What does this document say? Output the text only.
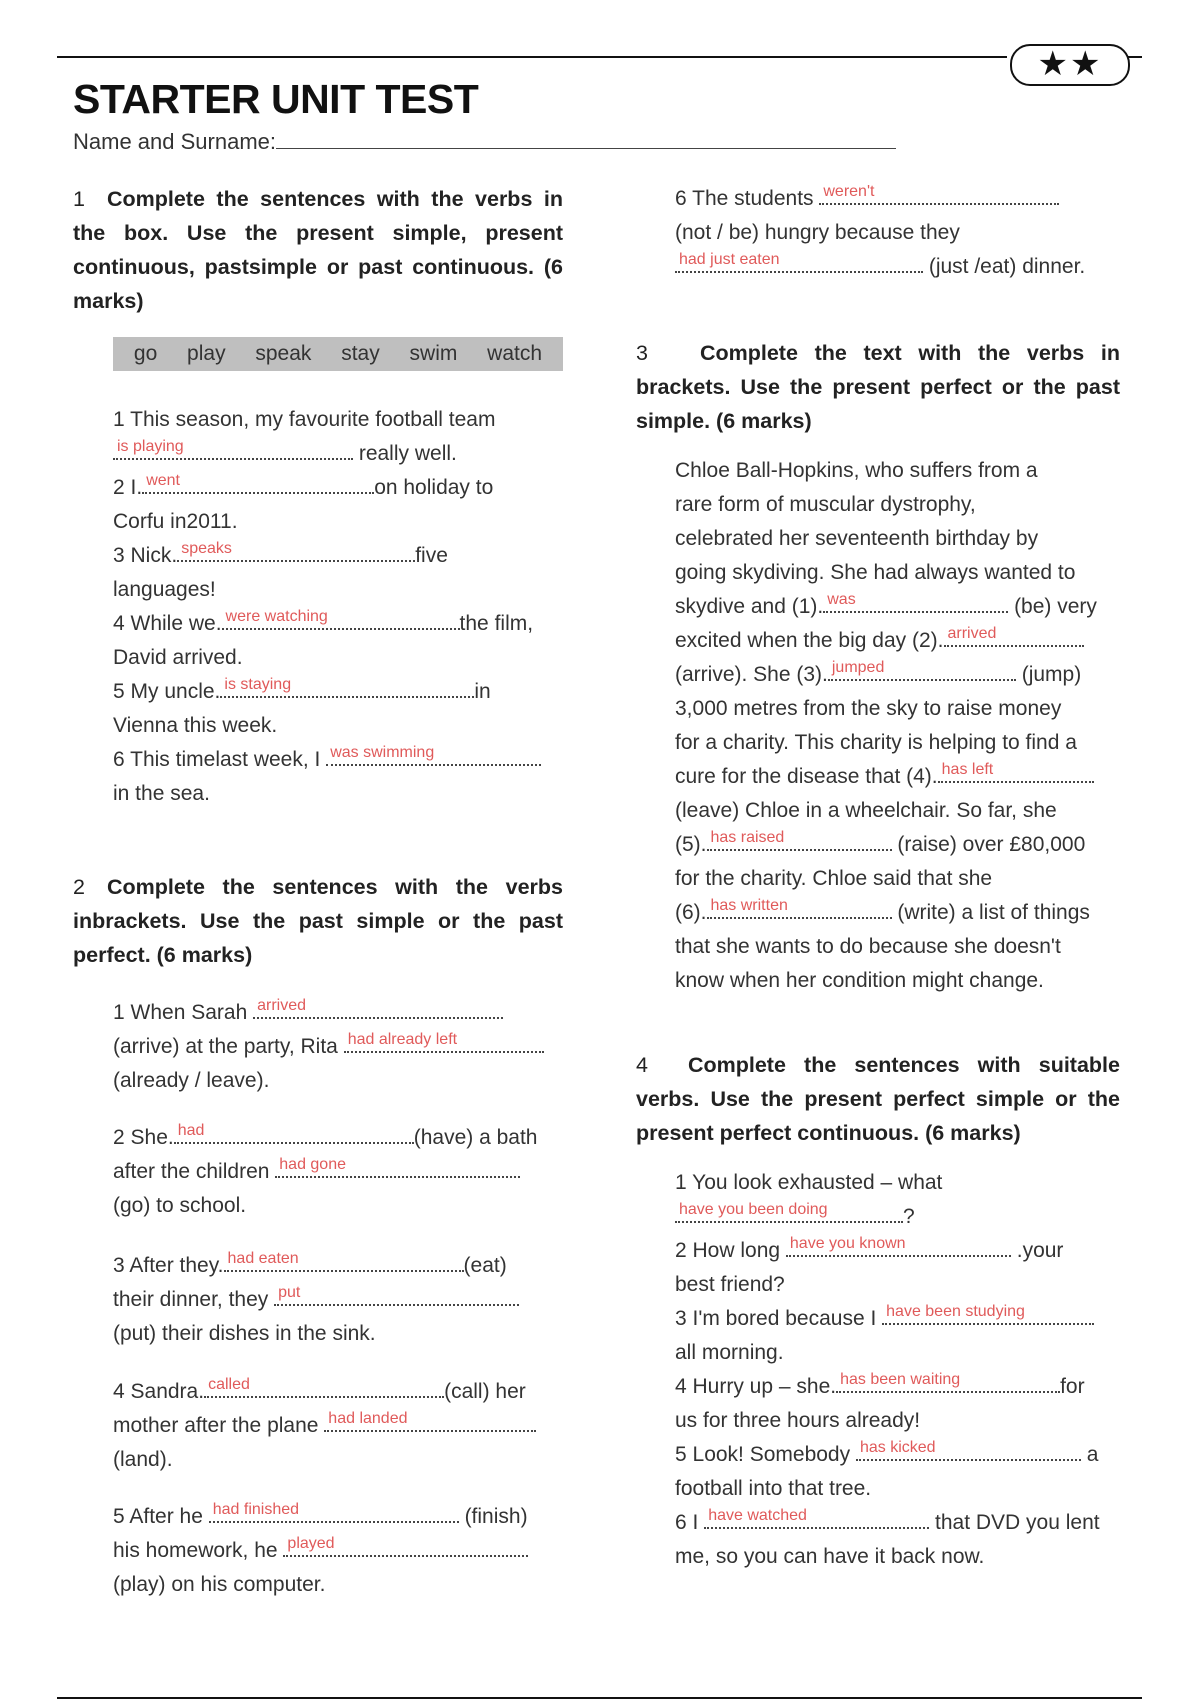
★★
STARTER UNIT TEST
Name and Surname:

1 Complete the sentences with the verbs in the box. Use the present simple, present continuous, pastsimple or past continuous. (6 marks)

go play speak stay swim watch
1 This season, my favourite football team
is playing	really well.
2 I. went	on holiday to
Corfu in2011.
3 Nick. speaks	five
languages!
4 While we. were watching	the film,
David arrived.
5 My uncle. is staying	in
Vienna this week.
6 This timelast week, I was swimming
in the sea.

2 Complete the sentences with the verbs inbrackets. Use the past simple or the past perfect. (6 marks)

1 When Sarah arrived
(arrive) at the party, Rita had already left
(already / leave).
2 She. had	(have) a bath
after the children had gone
(go) to school.
3 After they. had eaten	(eat)
their dinner, they put
(put) their dishes in the sink.
4 Sandra. called	(call) her
mother after the plane had landed
(land).
5 After he had finished	(finish)
his homework, he played
(play) on his computer.
6 The students weren't
(not / be) hungry because they
had just eaten	(just /eat) dinner.

3 Complete the text with the verbs in brackets. Use the present perfect or the past simple. (6 marks)

Chloe Ball-Hopkins, who suffers from a
rare form of muscular dystrophy,
celebrated her seventeenth birthday by
going skydiving. She had always wanted to
skydive and (1). was	(be) very
excited when the big day (2). arrived
(arrive). She (3). jumped	(jump)
3,000 metres from the sky to raise money
for a charity. This charity is helping to find a
cure for the disease that (4). has left
(leave) Chloe in a wheelchair. So far, she
(5). has raised	(raise) over £80,000
for the charity. Chloe said that she
(6). has written	(write) a list of things
that she wants to do because she doesn't
know when her condition might change.

4 Complete the sentences with suitable verbs. Use the present perfect simple or the present perfect continuous. (6 marks)

1 You look exhausted – what
have you been doing	?
2 How long have you known	.your
best friend?
3 I'm bored because I have been studying
all morning.
4 Hurry up – she. has been waiting	for
us for three hours already!
5 Look! Somebody has kicked	a
football into that tree.
6 I have watched	that DVD you lent
me, so you can have it back now.
